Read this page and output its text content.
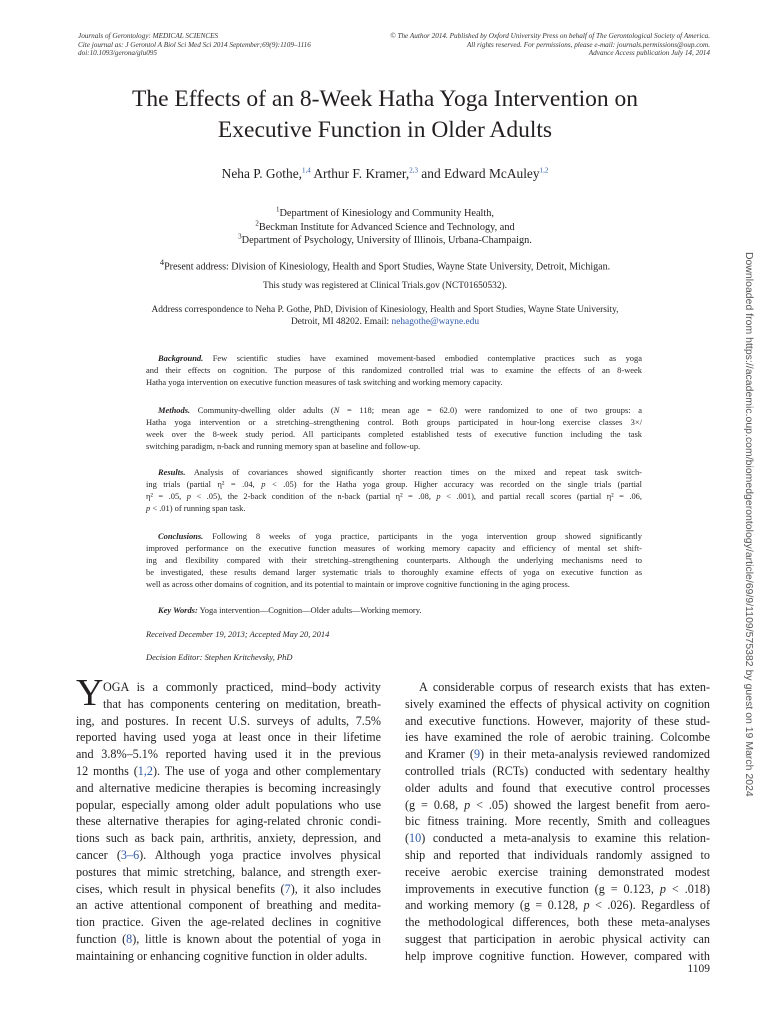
Journals of Gerontology: MEDICAL SCIENCES
Cite journal as: J Gerontol A Biol Sci Med Sci 2014 September;69(9):1109–1116
doi:10.1093/gerona/glu095
© The Author 2014. Published by Oxford University Press on behalf of The Gerontological Society of America.
All rights reserved. For permissions, please e-mail: journals.permissions@oup.com.
Advance Access publication July 14, 2014
The Effects of an 8-Week Hatha Yoga Intervention on
Executive Function in Older Adults
Neha P. Gothe,$^{1,4}$ Arthur F. Kramer,$^{2,3}$ and Edward McAuley$^{1,2}$
$^1$Department of Kinesiology and Community Health,
$^2$Beckman Institute for Advanced Science and Technology, and
$^3$Department of Psychology, University of Illinois, Urbana-Champaign.
$^4$Present address: Division of Kinesiology, Health and Sport Studies, Wayne State University, Detroit, Michigan.
This study was registered at Clinical Trials.gov (NCT01650532).
Address correspondence to Neha P. Gothe, PhD, Division of Kinesiology, Health and Sport Studies, Wayne State University,
Detroit, MI 48202. Email: nehagothe@wayne.edu
Background. Few scientific studies have examined movement-based embodied contemplative practices such as yoga
and their effects on cognition. The purpose of this randomized controlled trial was to examine the effects of an 8-week
Hatha yoga intervention on executive function measures of task switching and working memory capacity.
Methods. Community-dwelling older adults (N = 118; mean age = 62.0) were randomized to one of two groups: a
Hatha yoga intervention or a stretching–strengthening control. Both groups participated in hour-long exercise classes 3×/
week over the 8-week study period. All participants completed established tests of executive function including the task
switching paradigm, n-back and running memory span at baseline and follow-up.
Results. Analysis of covariances showed significantly shorter reaction times on the mixed and repeat task switch-
ing trials (partial η² = .04, p < .05) for the Hatha yoga group. Higher accuracy was recorded on the single trials (partial
η² = .05, p < .05), the 2-back condition of the n-back (partial η² = .08, p < .001), and partial recall scores (partial η² = .06,
p < .01) of running span task.
Conclusions. Following 8 weeks of yoga practice, participants in the yoga intervention group showed significantly
improved performance on the executive function measures of working memory capacity and efficiency of mental set shift-
ing and flexibility compared with their stretching–strengthening counterparts. Although the underlying mechanisms need to
be investigated, these results demand larger systematic trials to thoroughly examine effects of yoga on executive function as
well as across other domains of cognition, and its potential to maintain or improve cognitive functioning in the aging process.
Key Words: Yoga intervention—Cognition—Older adults—Working memory.
Received December 19, 2013; Accepted May 20, 2014
Decision Editor: Stephen Kritchevsky, PhD
Y OGA is a commonly practiced, mind–body activity
that has components centering on meditation, breath-
ing, and postures. In recent U.S. surveys of adults, 7.5%
reported having used yoga at least once in their lifetime
and 3.8%–5.1% reported having used it in the previous
12 months (1,2). The use of yoga and other complementary
and alternative medicine therapies is becoming increasingly
popular, especially among older adult populations who use
these alternative therapies for aging-related chronic condi-
tions such as back pain, arthritis, anxiety, depression, and
cancer (3–6). Although yoga practice involves physical
postures that mimic stretching, balance, and strength exer-
cises, which result in physical benefits (7), it also includes
an active attentional component of breathing and medita-
tion practice. Given the age-related declines in cognitive
function (8), little is known about the potential of yoga in
maintaining or enhancing cognitive function in older adults.
A considerable corpus of research exists that has exten-
sively examined the effects of physical activity on cognition
and executive functions. However, majority of these stud-
ies have examined the role of aerobic training. Colcombe
and Kramer (9) in their meta-analysis reviewed randomized
controlled trials (RCTs) conducted with sedentary healthy
older adults and found that executive control processes
(g = 0.68, p < .05) showed the largest benefit from aero-
bic fitness training. More recently, Smith and colleagues
(10) conducted a meta-analysis to examine this relation-
ship and reported that individuals randomly assigned to
receive aerobic exercise training demonstrated modest
improvements in executive function (g = 0.123, p < .018)
and working memory (g = 0.128, p < .026). Regardless of
the methodological differences, both these meta-analyses
suggest that participation in aerobic physical activity can
help improve cognitive function. However, compared with
1109
Downloaded from https://academic.oup.com/biomedgerontology/article/69/9/1109/575382 by guest on 19 March 2024
